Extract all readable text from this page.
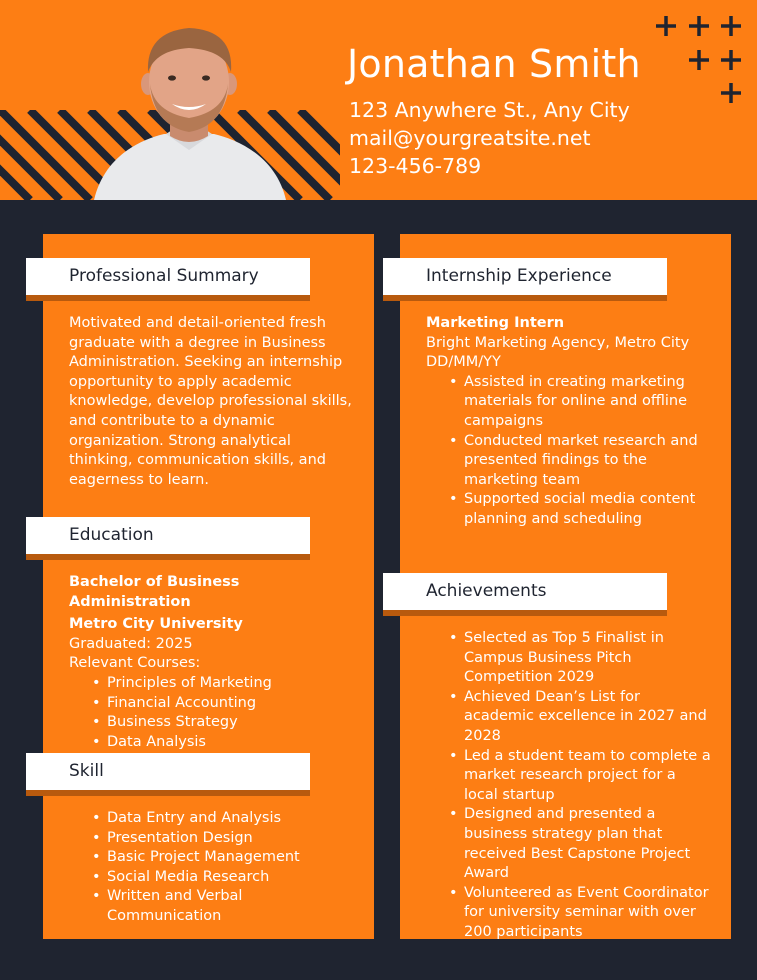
Jonathan Smith
123 Anywhere St., Any City
mail@yourgreatsite.net
123-456-789
Professional Summary
Motivated and detail-oriented fresh graduate with a degree in Business Administration. Seeking an internship opportunity to apply academic knowledge, develop professional skills, and contribute to a dynamic organization. Strong analytical thinking, communication skills, and eagerness to learn.
Education
Bachelor of Business Administration
Metro City University
Graduated: 2025
Relevant Courses:
• Principles of Marketing
• Financial Accounting
• Business Strategy
• Data Analysis
Skill
• Data Entry and Analysis
• Presentation Design
• Basic Project Management
• Social Media Research
• Written and Verbal Communication
Internship Experience
Marketing Intern
Bright Marketing Agency, Metro City
DD/MM/YY
• Assisted in creating marketing materials for online and offline campaigns
• Conducted market research and presented findings to the marketing team
• Supported social media content planning and scheduling
Achievements
• Selected as Top 5 Finalist in Campus Business Pitch Competition 2029
• Achieved Dean’s List for academic excellence in 2027 and 2028
• Led a student team to complete a market research project for a local startup
• Designed and presented a business strategy plan that received Best Capstone Project Award
• Volunteered as Event Coordinator for university seminar with over 200 participants
